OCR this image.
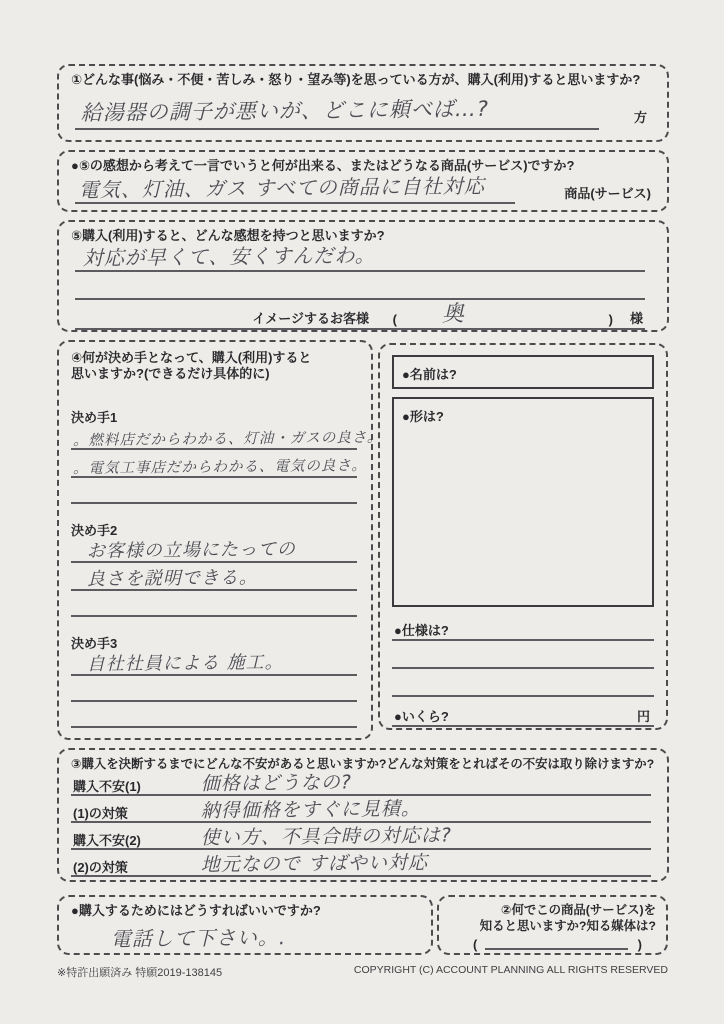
①どんな事(悩み・不便・苦しみ・怒り・望み等)を思っている方が、購入(利用)すると思いますか?
給湯器の調子が悪いが、どこに頼べば…?	方
●⑤の感想から考えて一言でいうと何が出来る、またはどうなる商品(サービス)ですか?
電気、灯油、ガス すべての商品に自社対応	商品(サービス)
⑤購入(利用)すると、どんな感想を持つと思いますか?
対応が早くて、安くすんだわ。
イメージするお客様 ( 奥	) 様
④何が決め手となって、購入(利用)すると
思いますか?(できるだけ具体的に)
決め手1
。燃料店だからわかる、灯油・ガスの良さ。
。電気工事店だからわかる、電気の良さ。
決め手2
お客様の立場にたっての
良さを説明できる。
決め手3
自社社員による 施工。
●名前は?
●形は?
●仕様は?
●いくら?	円
③購入を決断するまでにどんな不安があると思いますか?どんな対策をとればその不安は取り除けますか?
購入不安(1)	価格はどうなの?
(1)の対策	納得価格をすぐに見積。
購入不安(2)	使い方、不具合時の対応は?
(2)の対策	地元なので すばやい対応
●購入するためにはどうすればいいですか?
電話して下さい。.
②何でこの商品(サービス)を
知ると思いますか?知る媒体は?
(	)
※特許出願済み 特願2019-138145	COPYRIGHT (C) ACCOUNT PLANNING ALL RIGHTS RESERVED
